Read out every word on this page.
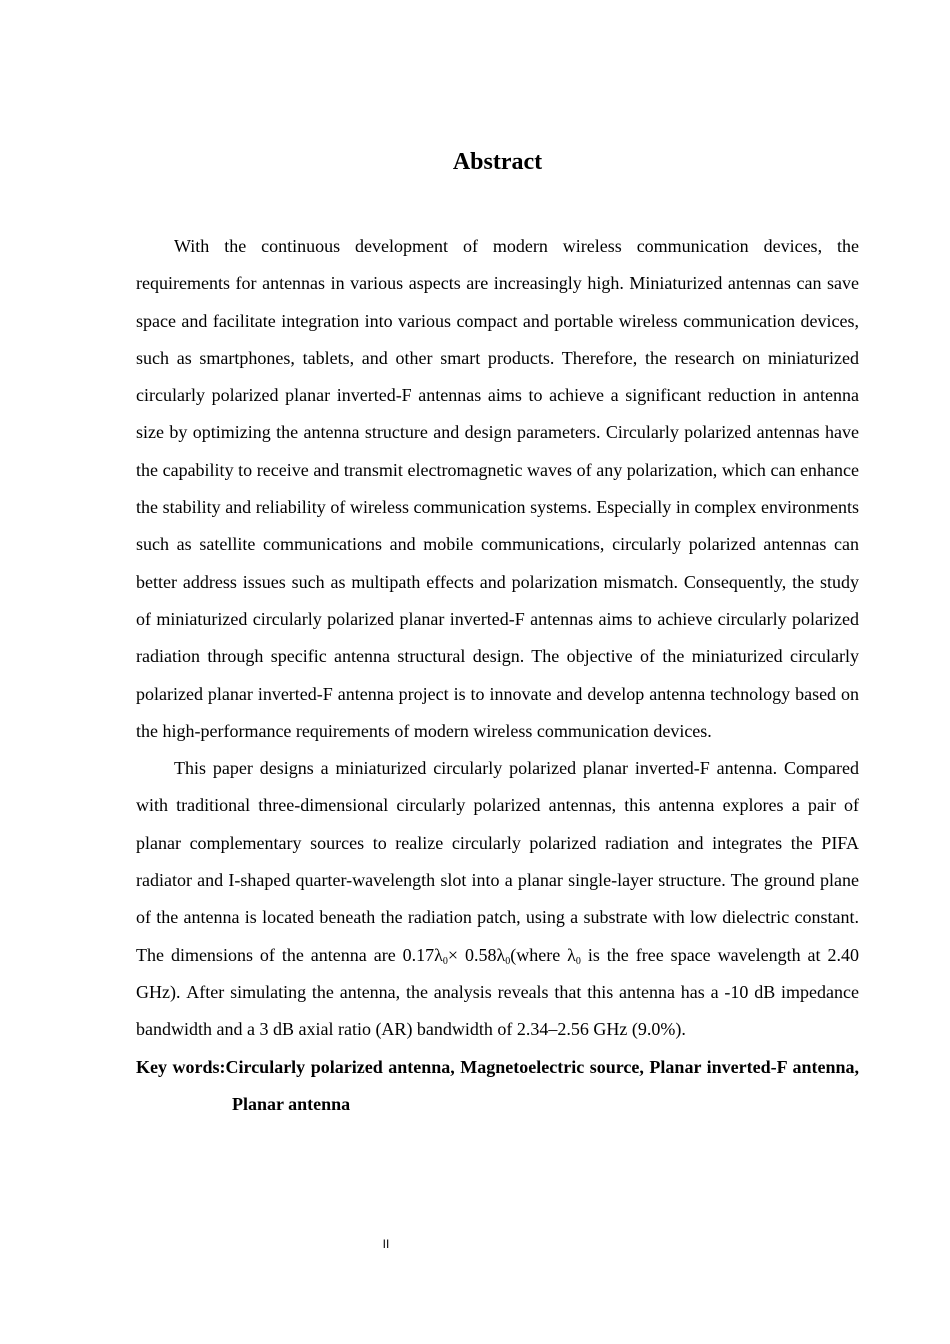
Abstract

With the continuous development of modern wireless communication devices, the requirements for antennas in various aspects are increasingly high. Miniaturized antennas can save space and facilitate integration into various compact and portable wireless communication devices, such as smartphones, tablets, and other smart products. Therefore, the research on miniaturized circularly polarized planar inverted-F antennas aims to achieve a significant reduction in antenna size by optimizing the antenna structure and design parameters. Circularly polarized antennas have the capability to receive and transmit electromagnetic waves of any polarization, which can enhance the stability and reliability of wireless communication systems. Especially in complex environments such as satellite communications and mobile communications, circularly polarized antennas can better address issues such as multipath effects and polarization mismatch. Consequently, the study of miniaturized circularly polarized planar inverted-F antennas aims to achieve circularly polarized radiation through specific antenna structural design. The objective of the miniaturized circularly polarized planar inverted-F antenna project is to innovate and develop antenna technology based on the high-performance requirements of modern wireless communication devices.

This paper designs a miniaturized circularly polarized planar inverted-F antenna. Compared with traditional three-dimensional circularly polarized antennas, this antenna explores a pair of planar complementary sources to realize circularly polarized radiation and integrates the PIFA radiator and I-shaped quarter-wavelength slot into a planar single-layer structure. The ground plane of the antenna is located beneath the radiation patch, using a substrate with low dielectric constant. The dimensions of the antenna are $0.17\lambda_0\times$ $0.58\lambda_0(where$ $\lambda_0$ is the free space wavelength at 2.40 GHz). After simulating the antenna, the analysis reveals that this antenna has a -10 dB impedance bandwidth and a 3 dB axial ratio (AR) bandwidth of 2.34–2.56 GHz (9.0%).

Key words:Circularly polarized antenna, Magnetoelectric source, Planar inverted-F antenna, Planar antenna

II
